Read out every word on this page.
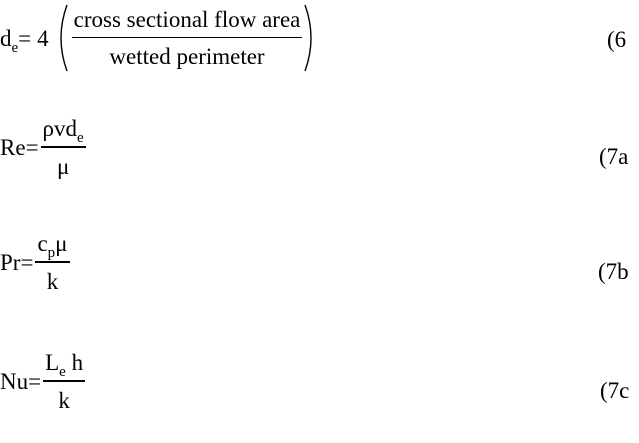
$d_e = 4 \frac{\text{cross sectional flow area}}{\text{wetted perimeter}}$	(6
$Re = \frac{\rho vd_e}{\mu}$	(7a
$Pr = \frac{c_p\mu}{k}$	(7b
$Nu = \frac{L_e h}{k}$	(7c
